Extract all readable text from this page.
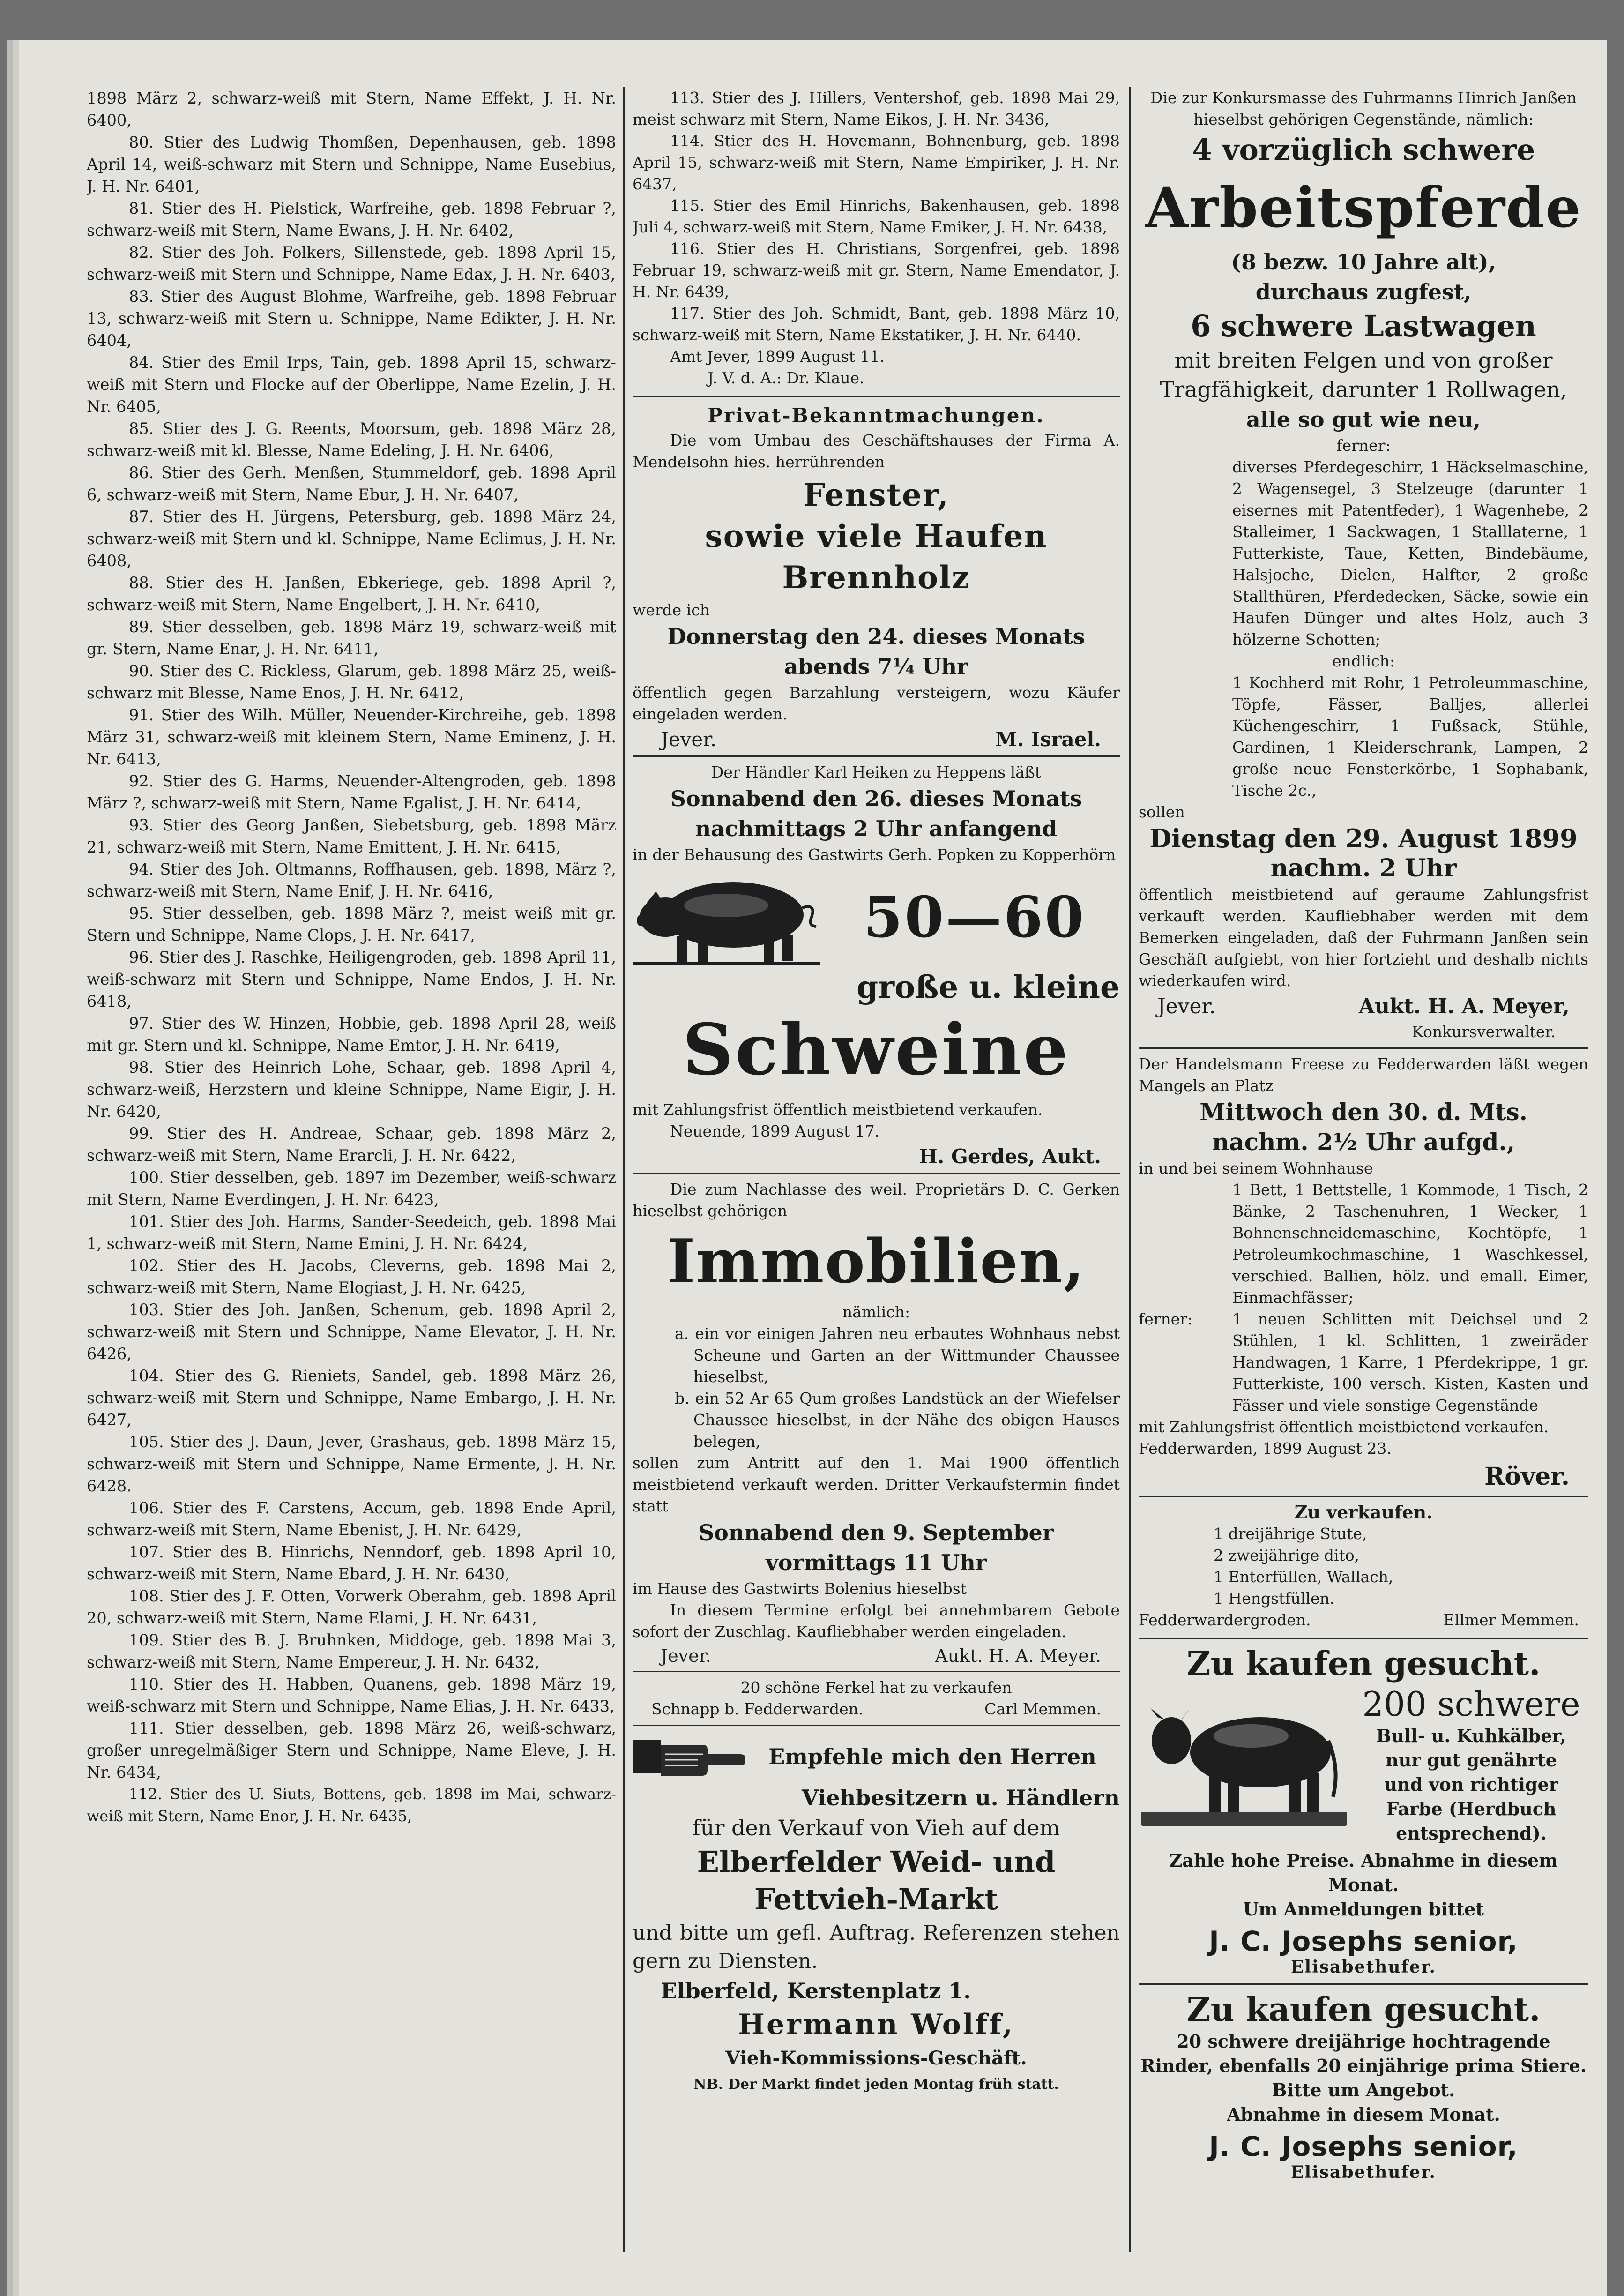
1898 März 2, schwarz-weiß mit Stern, Name Effekt, J. H. Nr. 6400,

80. Stier des Ludwig Thomßen, Depenhausen, geb. 1898 April 14, weiß-schwarz mit Stern und Schnippe, Name Eusebius, J. H. Nr. 6401,

81. Stier des H. Pielstick, Warfreihe, geb. 1898 Februar ?, schwarz-weiß mit Stern, Name Ewans, J. H. Nr. 6402,

82. Stier des Joh. Folkers, Sillenstede, geb. 1898 April 15, schwarz-weiß mit Stern und Schnippe, Name Edax, J. H. Nr. 6403,

83. Stier des August Blohme, Warfreihe, geb. 1898 Februar 13, schwarz-weiß mit Stern u. Schnippe, Name Edikter, J. H. Nr. 6404,

84. Stier des Emil Irps, Tain, geb. 1898 April 15, schwarz-weiß mit Stern und Flocke auf der Oberlippe, Name Ezelin, J. H. Nr. 6405,

85. Stier des J. G. Reents, Moorsum, geb. 1898 März 28, schwarz-weiß mit kl. Blesse, Name Edeling, J. H. Nr. 6406,

86. Stier des Gerh. Menßen, Stummeldorf, geb. 1898 April 6, schwarz-weiß mit Stern, Name Ebur, J. H. Nr. 6407,

87. Stier des H. Jürgens, Petersburg, geb. 1898 März 24, schwarz-weiß mit Stern und kl. Schnippe, Name Eclimus, J. H. Nr. 6408,

88. Stier des H. Janßen, Ebkeriege, geb. 1898 April ?, schwarz-weiß mit Stern, Name Engelbert, J. H. Nr. 6410,

89. Stier desselben, geb. 1898 März 19, schwarz-weiß mit gr. Stern, Name Enar, J. H. Nr. 6411,

90. Stier des C. Rickless, Glarum, geb. 1898 März 25, weiß-schwarz mit Blesse, Name Enos, J. H. Nr. 6412,

91. Stier des Wilh. Müller, Neuender-Kirchreihe, geb. 1898 März 31, schwarz-weiß mit kleinem Stern, Name Eminenz, J. H. Nr. 6413,

92. Stier des G. Harms, Neuender-Altengroden, geb. 1898 März ?, schwarz-weiß mit Stern, Name Egalist, J. H. Nr. 6414,

93. Stier des Georg Janßen, Siebetsburg, geb. 1898 März 21, schwarz-weiß mit Stern, Name Emittent, J. H. Nr. 6415,

94. Stier des Joh. Oltmanns, Roffhausen, geb. 1898, März ?, schwarz-weiß mit Stern, Name Enif, J. H. Nr. 6416,

95. Stier desselben, geb. 1898 März ?, meist weiß mit gr. Stern und Schnippe, Name Clops, J. H. Nr. 6417,

96. Stier des J. Raschke, Heiligengroden, geb. 1898 April 11, weiß-schwarz mit Stern und Schnippe, Name Endos, J. H. Nr. 6418,

97. Stier des W. Hinzen, Hobbie, geb. 1898 April 28, weiß mit gr. Stern und kl. Schnippe, Name Emtor, J. H. Nr. 6419,

98. Stier des Heinrich Lohe, Schaar, geb. 1898 April 4, schwarz-weiß, Herzstern und kleine Schnippe, Name Eigir, J. H. Nr. 6420,

99. Stier des H. Andreae, Schaar, geb. 1898 März 2, schwarz-weiß mit Stern, Name Erarcli, J. H. Nr. 6422,

100. Stier desselben, geb. 1897 im Dezember, weiß-schwarz mit Stern, Name Everdingen, J. H. Nr. 6423,

101. Stier des Joh. Harms, Sander-Seedeich, geb. 1898 Mai 1, schwarz-weiß mit Stern, Name Emini, J. H. Nr. 6424,

102. Stier des H. Jacobs, Cleverns, geb. 1898 Mai 2, schwarz-weiß mit Stern, Name Elogiast, J. H. Nr. 6425,

103. Stier des Joh. Janßen, Schenum, geb. 1898 April 2, schwarz-weiß mit Stern und Schnippe, Name Elevator, J. H. Nr. 6426,

104. Stier des G. Rieniets, Sandel, geb. 1898 März 26, schwarz-weiß mit Stern und Schnippe, Name Embargo, J. H. Nr. 6427,

105. Stier des J. Daun, Jever, Grashaus, geb. 1898 März 15, schwarz-weiß mit Stern und Schnippe, Name Ermente, J. H. Nr. 6428.

106. Stier des F. Carstens, Accum, geb. 1898 Ende April, schwarz-weiß mit Stern, Name Ebenist, J. H. Nr. 6429,

107. Stier des B. Hinrichs, Nenndorf, geb. 1898 April 10, schwarz-weiß mit Stern, Name Ebard, J. H. Nr. 6430,

108. Stier des J. F. Otten, Vorwerk Oberahm, geb. 1898 April 20, schwarz-weiß mit Stern, Name Elami, J. H. Nr. 6431,

109. Stier des B. J. Bruhnken, Middoge, geb. 1898 Mai 3, schwarz-weiß mit Stern, Name Empereur, J. H. Nr. 6432,

110. Stier des H. Habben, Quanens, geb. 1898 März 19, weiß-schwarz mit Stern und Schnippe, Name Elias, J. H. Nr. 6433,

111. Stier desselben, geb. 1898 März 26, weiß-schwarz, großer unregelmäßiger Stern und Schnippe, Name Eleve, J. H. Nr. 6434,

112. Stier des U. Siuts, Bottens, geb. 1898 im Mai, schwarz-weiß mit Stern, Name Enor, J. H. Nr. 6435,

113. Stier des J. Hillers, Ventershof, geb. 1898 Mai 29, meist schwarz mit Stern, Name Eikos, J. H. Nr. 3436,

114. Stier des H. Hovemann, Bohnenburg, geb. 1898 April 15, schwarz-weiß mit Stern, Name Empiriker, J. H. Nr. 6437,

115. Stier des Emil Hinrichs, Bakenhausen, geb. 1898 Juli 4, schwarz-weiß mit Stern, Name Emiker, J. H. Nr. 6438,

116. Stier des H. Christians, Sorgenfrei, geb. 1898 Februar 19, schwarz-weiß mit gr. Stern, Name Emendator, J. H. Nr. 6439,

117. Stier des Joh. Schmidt, Bant, geb. 1898 März 10, schwarz-weiß mit Stern, Name Ekstatiker, J. H. Nr. 6440.

Amt Jever, 1899 August 11.

J. V. d. A.: Dr. Klaue.

Privat-Bekanntmachungen.

Die vom Umbau des Geschäftshauses der Firma A. Mendelsohn hies. herrührenden

Fenster,
sowie viele Haufen
Brennholz

werde ich

Donnerstag den 24. dieses Monats
abends 7¼ Uhr

öffentlich gegen Barzahlung versteigern, wozu Käufer eingeladen werden.

Jever.	M. Israel.

Der Händler Karl Heiken zu Heppens läßt

Sonnabend den 26. dieses Monats
nachmittags 2 Uhr anfangend

in der Behausung des Gastwirts Gerh. Popken zu Kopperhörn

50—60
große u. kleine
Schweine

mit Zahlungsfrist öffentlich meistbietend verkaufen.

Neuende, 1899 August 17.

H. Gerdes, Aukt.

Die zum Nachlasse des weil. Proprietärs D. C. Gerken hieselbst gehörigen

Immobilien,

nämlich:

a. ein vor einigen Jahren neu erbautes Wohnhaus nebst Scheune und Garten an der Wittmunder Chaussee hieselbst,

b. ein 52 Ar 65 Qum großes Landstück an der Wiefelser Chaussee hieselbst, in der Nähe des obigen Hauses belegen,

sollen zum Antritt auf den 1. Mai 1900 öffentlich meistbietend verkauft werden. Dritter Verkaufstermin findet statt

Sonnabend den 9. September
vormittags 11 Uhr

im Hause des Gastwirts Bolenius hieselbst

In diesem Termine erfolgt bei annehmbarem Gebote sofort der Zuschlag. Kaufliebhaber werden eingeladen.

Jever.	Aukt. H. A. Meyer.

20 schöne Ferkel hat zu verkaufen

Schnapp b. Fedderwarden.	Carl Memmen.
Empfehle mich den Herren
Viehbesitzern u. Händlern
für den Verkauf von Vieh auf dem
Elberfelder Weid- und
Fettvieh-Markt
und bitte um gefl. Auftrag. Referenzen stehen gern zu Diensten.
Elberfeld, Kerstenplatz 1.
Hermann Wolff,
Vieh-Kommissions-Geschäft.

NB. Der Markt findet jeden Montag früh statt.

Die zur Konkursmasse des Fuhrmanns Hinrich Janßen hieselbst gehörigen Gegenstände, nämlich:

4 vorzüglich schwere
Arbeitspferde
(8 bezw. 10 Jahre alt),
durchaus zugfest,
6 schwere Lastwagen
mit breiten Felgen und von großer Tragfähigkeit, darunter 1 Rollwagen,
alle so gut wie neu,

ferner:

diverses Pferdegeschirr, 1 Häckselmaschine, 2 Wagensegel, 3 Stelzeuge (darunter 1 eisernes mit Patentfeder), 1 Wagenhebe, 2 Stalleimer, 1 Sackwagen, 1 Stalllaterne, 1 Futterkiste, Taue, Ketten, Bindebäume, Halsjoche, Dielen, Halfter, 2 große Stallthüren, Pferdedecken, Säcke, sowie ein Haufen Dünger und altes Holz, auch 3 hölzerne Schotten;

endlich:

1 Kochherd mit Rohr, 1 Petroleummaschine, Töpfe, Fässer, Balljes, allerlei Küchengeschirr, 1 Fußsack, Stühle, Gardinen, 1 Kleiderschrank, Lampen, 2 große neue Fensterkörbe, 1 Sophabank, Tische 2c.,

sollen

Dienstag den 29. August 1899
nachm. 2 Uhr

öffentlich meistbietend auf geraume Zahlungsfrist verkauft werden. Kaufliebhaber werden mit dem Bemerken eingeladen, daß der Fuhrmann Janßen sein Geschäft aufgiebt, von hier fortzieht und deshalb nichts wiederkaufen wird.

Jever.	Aukt. H. A. Meyer,

Konkursverwalter.

Der Handelsmann Freese zu Fedderwarden läßt wegen Mangels an Platz

Mittwoch den 30. d. Mts.
nachm. 2½ Uhr aufgd.,

in und bei seinem Wohnhause

1 Bett, 1 Bettstelle, 1 Kommode, 1 Tisch, 2 Bänke, 2 Taschenuhren, 1 Wecker, 1 Bohnenschneidemaschine, Kochtöpfe, 1 Petroleumkochmaschine, 1 Waschkessel, verschied. Ballien, hölz. und emall. Eimer, Einmachfässer;

ferner:	1 neuen Schlitten mit Deichsel und 2 Stühlen, 1 kl. Schlitten, 1 zweiräder Handwagen, 1 Karre, 1 Pferdekrippe, 1 gr. Futterkiste, 100 versch. Kisten, Kasten und Fässer und viele sonstige Gegenstände

mit Zahlungsfrist öffentlich meistbietend verkaufen.

Fedderwarden, 1899 August 23.

Röver.

Zu verkaufen.

1 dreijährige Stute,

2 zweijährige dito,

1 Enterfüllen, Wallach,

1 Hengstfüllen.

Fedderwardergroden.	Ellmer Memmen.
Zu kaufen gesucht.
200 schwere
Bull- u. Kuhkälber,
nur gut genährte
und von richtiger
Farbe (Herdbuch
entsprechend).

Zahle hohe Preise. Abnahme in diesem Monat.

Um Anmeldungen bittet

J. C. Josephs senior,

Elisabethufer.

Zu kaufen gesucht.

20 schwere dreijährige hochtragende Rinder, ebenfalls 20 einjährige prima Stiere. Bitte um Angebot.

Abnahme in diesem Monat.

J. C. Josephs senior,

Elisabethufer.
